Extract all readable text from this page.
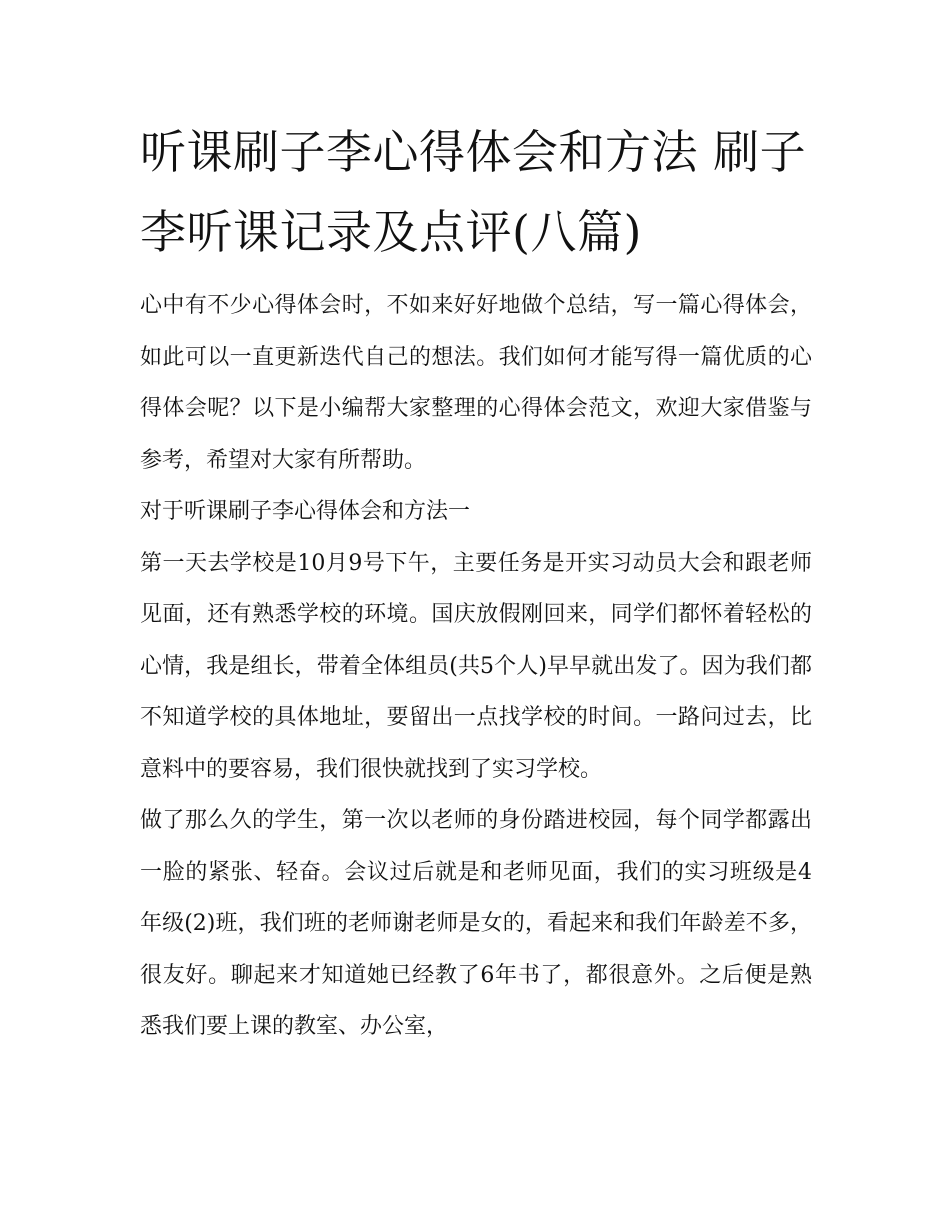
听课刷子李心得体会和方法 刷子李听课记录及点评(八篇)

心中有不少心得体会时，不如来好好地做个总结，写一篇心得体会，如此可以一直更新迭代自己的想法。我们如何才能写得一篇优质的心得体会呢？以下是小编帮大家整理的心得体会范文，欢迎大家借鉴与参考，希望对大家有所帮助。

对于听课刷子李心得体会和方法一

第一天去学校是10月9号下午，主要任务是开实习动员大会和跟老师见面，还有熟悉学校的环境。国庆放假刚回来，同学们都怀着轻松的心情，我是组长，带着全体组员(共5个人)早早就出发了。因为我们都不知道学校的具体地址，要留出一点找学校的时间。一路问过去，比意料中的要容易，我们很快就找到了实习学校。

做了那么久的学生，第一次以老师的身份踏进校园，每个同学都露出一脸的紧张、轻奋。会议过后就是和老师见面，我们的实习班级是4年级(2)班，我们班的老师谢老师是女的，看起来和我们年龄差不多，很友好。聊起来才知道她已经教了6年书了，都很意外。之后便是熟悉我们要上课的教室、办公室，
